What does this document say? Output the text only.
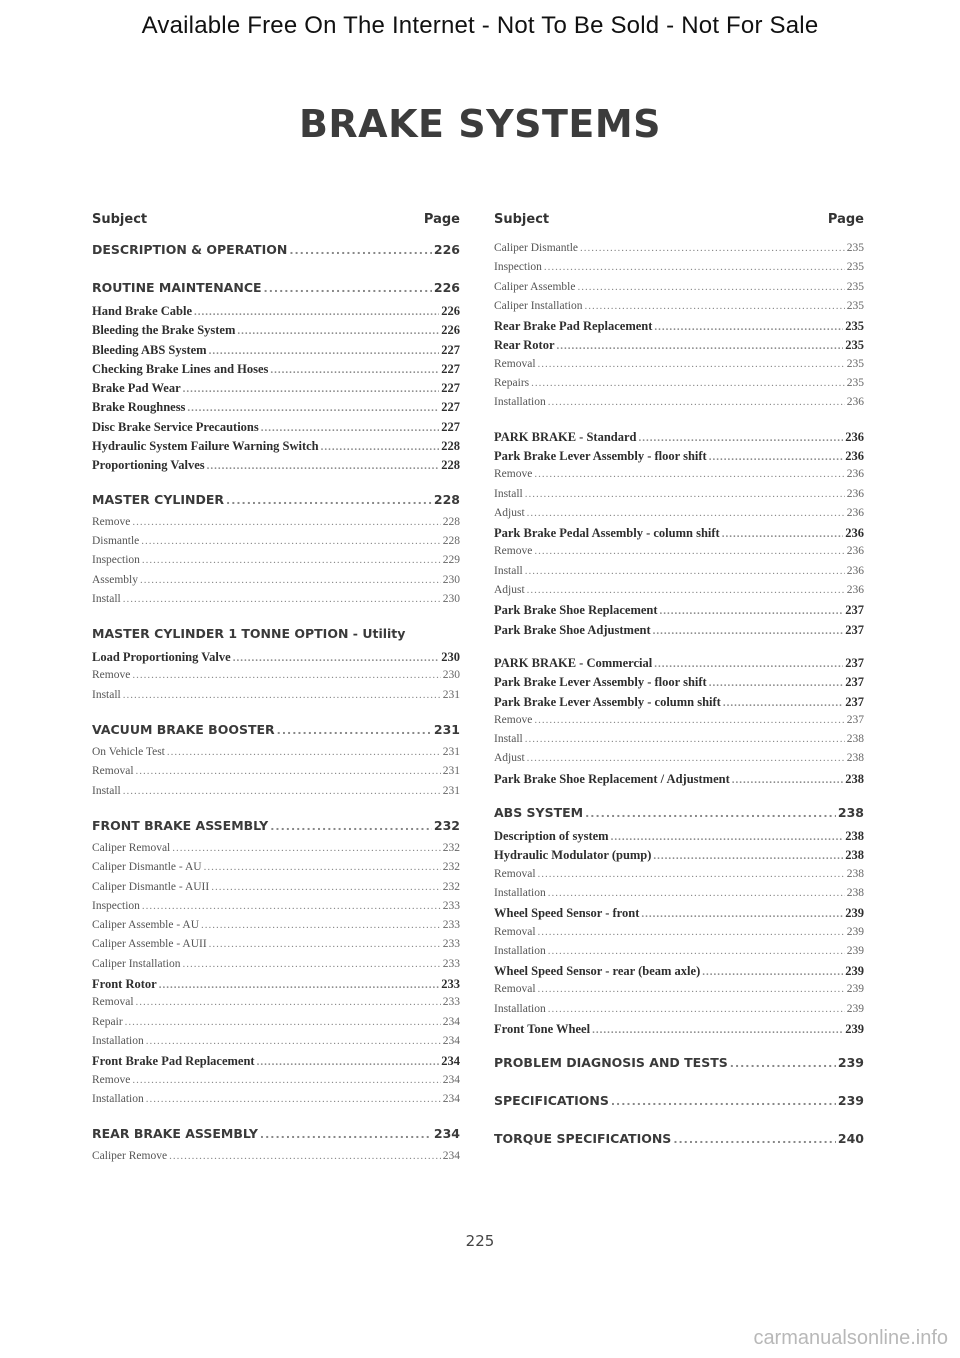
Available Free On The Internet - Not To Be Sold - Not For Sale
BRAKE SYSTEMS
Subject	Page
DESCRIPTION & OPERATION .....	226
ROUTINE MAINTENANCE .....	226
Hand Brake Cable .....	226
Bleeding the Brake System .....	226
Bleeding ABS System .....	227
Checking Brake Lines and Hoses .....	227
Brake Pad Wear .....	227
Brake Roughness .....	227
Disc Brake Service Precautions .....	227
Hydraulic System Failure Warning Switch .....	228
Proportioning Valves .....	228
MASTER CYLINDER .....	228
Remove .....	228
Dismantle .....	228
Inspection .....	229
Assembly .....	230
Install .....	230
MASTER CYLINDER 1 TONNE OPTION - Utility
Load Proportioning Valve .....	230
Remove .....	230
Install .....	231
VACUUM BRAKE BOOSTER .....	231
On Vehicle Test .....	231
Removal .....	231
Install .....	231
FRONT BRAKE ASSEMBLY .....	232
Caliper Removal .....	232
Caliper Dismantle - AU .....	232
Caliper Dismantle - AUII .....	232
Inspection .....	233
Caliper Assemble - AU .....	233
Caliper Assemble - AUII .....	233
Caliper Installation .....	233
Front Rotor .....	233
Removal .....	233
Repair .....	234
Installation .....	234
Front Brake Pad Replacement .....	234
Remove .....	234
Installation .....	234
REAR BRAKE ASSEMBLY .....	234
Caliper Remove .....	234
Subject	Page
Caliper Dismantle .....	235
Inspection .....	235
Caliper Assemble .....	235
Caliper Installation .....	235
Rear Brake Pad Replacement .....	235
Rear Rotor .....	235
Removal .....	235
Repairs .....	235
Installation .....	236
PARK BRAKE - Standard .....	236
Park Brake Lever Assembly - floor shift .....	236
Remove .....	236
Install .....	236
Adjust .....	236
Park Brake Pedal Assembly - column shift .....	236
Remove .....	236
Install .....	236
Adjust .....	236
Park Brake Shoe Replacement .....	237
Park Brake Shoe Adjustment .....	237
PARK BRAKE - Commercial .....	237
Park Brake Lever Assembly - floor shift .....	237
Park Brake Lever Assembly - column shift .....	237
Remove .....	237
Install .....	238
Adjust .....	238
Park Brake Shoe Replacement / Adjustment .....	238
ABS SYSTEM .....	238
Description of system .....	238
Hydraulic Modulator (pump) .....	238
Removal .....	238
Installation .....	238
Wheel Speed Sensor - front .....	239
Removal .....	239
Installation .....	239
Wheel Speed Sensor - rear (beam axle) .....	239
Removal .....	239
Installation .....	239
Front Tone Wheel .....	239
PROBLEM DIAGNOSIS AND TESTS .....	239
SPECIFICATIONS .....	239
TORQUE SPECIFICATIONS .....	240
225
carmanualsonline.info
